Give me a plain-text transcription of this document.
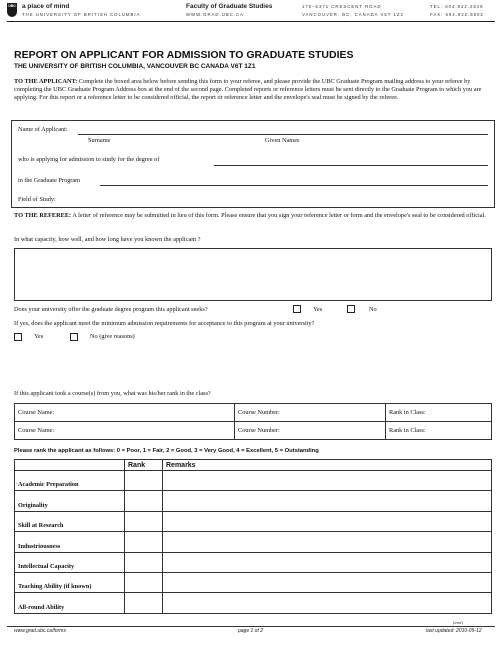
UBC a place of mind
THE UNIVERSITY OF BRITISH COLUMBIA
Faculty of Graduate Studies
WWW.GRAD.UBC.CA
170–6371 CRESCENT ROAD
VANCOUVER, BC, CANADA V6T 1Z2
TEL: 604.822.2848
FAX: 604.822.5802
REPORT ON APPLICANT FOR ADMISSION TO GRADUATE STUDIES
THE UNIVERSITY OF BRITISH COLUMBIA, VANCOUVER BC CANADA V6T 1Z1
TO THE APPLICANT: Complete the boxed area below before sending this form to your referee, and please provide the UBC Graduate Program mailing address to your referee by completing the UBC Graduate Program Address box at the end of the second page. Completed reports or reference letters must be sent directly to the Graduate Program to which you are applying. For this report or a reference letter to be considered official, the report or reference letter and the envelope's seal must be signed by the referee.
Name of Applicant:
Surname	Given Names
who is applying for admission to study for the degree of
in the Graduate Program
Field of Study:
TO THE REFEREE: A letter of reference may be submitted in lieu of this form. Please ensure that you sign your reference letter or form and the envelope's seal to be considered official.
In what capacity, how well, and how long have you known the applicant ?
Does your university offer the graduate degree program this applicant seeks?	Yes	No
If yes, does the applicant meet the minimum admission requirements for acceptance to this program at your university?
Yes	No (give reasons)
If this applicant took a course(s) from you, what was his/her rank in the class?
Course Name:	Course Number:	Rank in Class:
Course Name:	Course Number:	Rank in Class:
Please rank the applicant as follows: 0 = Poor, 1 = Fair, 2 = Good, 3 = Very Good, 4 = Excellent, 5 = Outstanding
	Rank	Remarks
Academic Preparation		
Originality		
Skill at Research		
Industriousness		
Intellectual Capacity		
Teaching Ability (if known)		
All-round Ability		
(over)
www.grad.ubc.ca/forms	page 1 of 2	last updated: 2010-05-12
